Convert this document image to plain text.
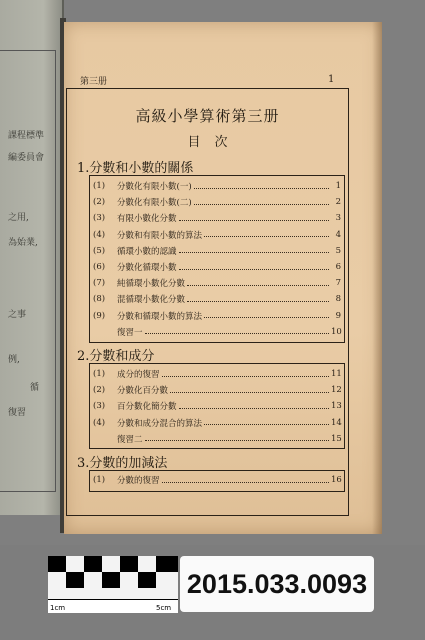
課程標準
編委員會
之用,
為始業,
之事
例,
循
復習
第三册	1
高級小學算術第三册
目次
1.分數和小數的關係
(1)	分數化有限小數(一)	1
(2)	分數化有限小數(二)	2
(3)	有限小數化分數	3
(4)	分數和有限小數的算法	4
(5)	循環小數的認識	5
(6)	分數化循環小數	6
(7)	純循環小數化分數	7
(8)	混循環小數化分數	8
(9)	分數和循環小數的算法	9
復習一	10
2.分數和成分
(1)	成分的復習	11
(2)	分數化百分數	12
(3)	百分數化簡分數	13
(4)	分數和成分混合的算法	14
復習二	15
3.分數的加減法
(1)	分數的復習	16
1cm	5cm
2015.033.0093
